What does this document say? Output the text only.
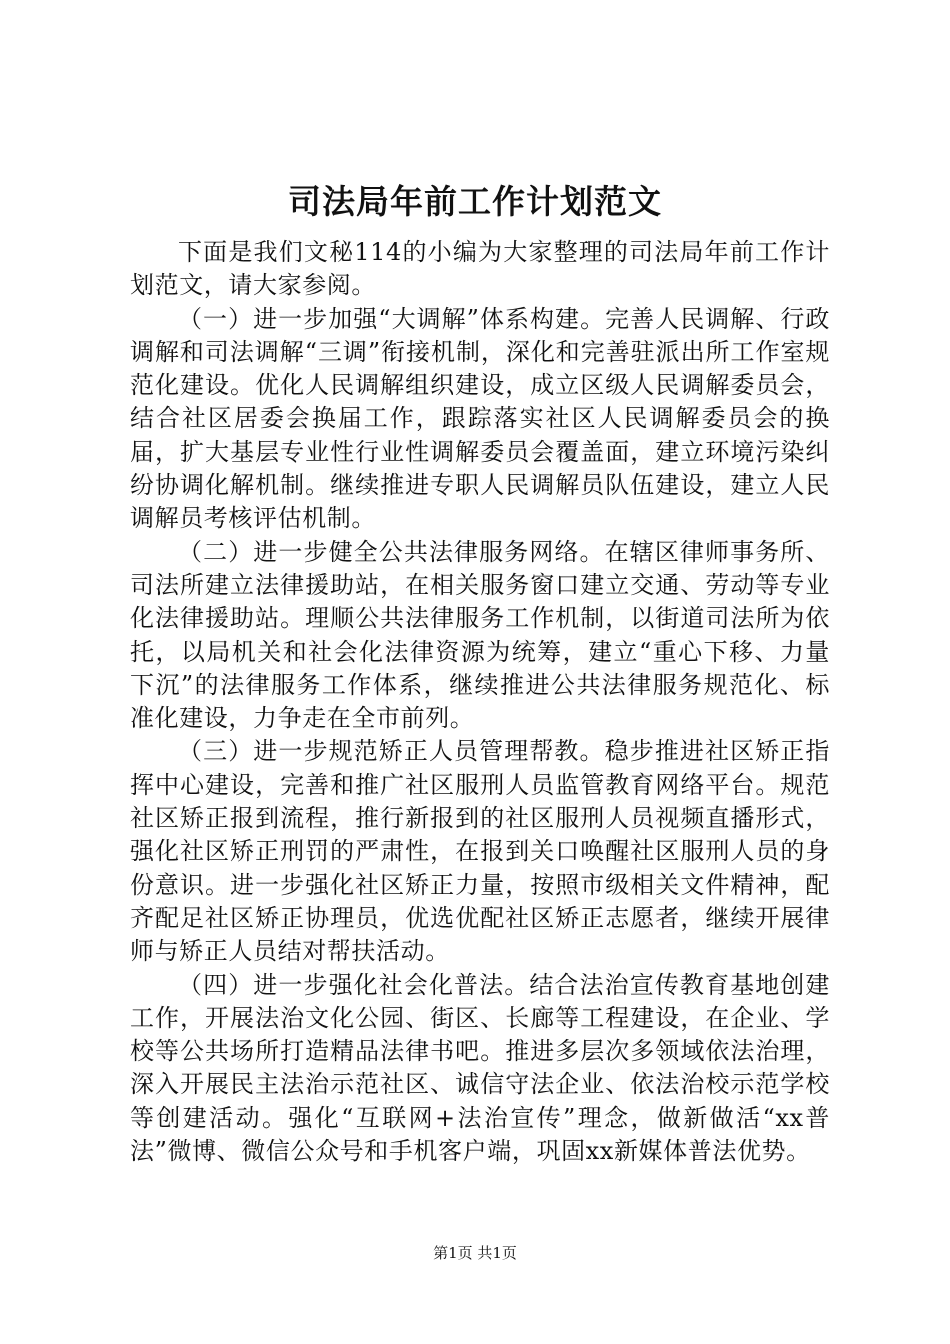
司法局年前工作计划范文

下面是我们文秘114的小编为大家整理的司法局年前工作计划范文，请大家参阅。

（一）进一步加强“大调解”体系构建。完善人民调解、行政调解和司法调解“三调”衔接机制，深化和完善驻派出所工作室规范化建设。优化人民调解组织建设，成立区级人民调解委员会，结合社区居委会换届工作，跟踪落实社区人民调解委员会的换届，扩大基层专业性行业性调解委员会覆盖面，建立环境污染纠纷协调化解机制。继续推进专职人民调解员队伍建设，建立人民调解员考核评估机制。

（二）进一步健全公共法律服务网络。在辖区律师事务所、司法所建立法律援助站，在相关服务窗口建立交通、劳动等专业化法律援助站。理顺公共法律服务工作机制，以街道司法所为依托，以局机关和社会化法律资源为统筹，建立“重心下移、力量下沉”的法律服务工作体系，继续推进公共法律服务规范化、标准化建设，力争走在全市前列。

（三）进一步规范矫正人员管理帮教。稳步推进社区矫正指挥中心建设，完善和推广社区服刑人员监管教育网络平台。规范社区矫正报到流程，推行新报到的社区服刑人员视频直播形式，强化社区矫正刑罚的严肃性，在报到关口唤醒社区服刑人员的身份意识。进一步强化社区矫正力量，按照市级相关文件精神，配齐配足社区矫正协理员，优选优配社区矫正志愿者，继续开展律师与矫正人员结对帮扶活动。

（四）进一步强化社会化普法。结合法治宣传教育基地创建工作，开展法治文化公园、街区、长廊等工程建设，在企业、学校等公共场所打造精品法律书吧。推进多层次多领域依法治理，深入开展民主法治示范社区、诚信守法企业、依法治校示范学校等创建活动。强化“互联网+法治宣传”理念，做新做活“xx普法”微博、微信公众号和手机客户端，巩固xx新媒体普法优势。

第1页 共1页
